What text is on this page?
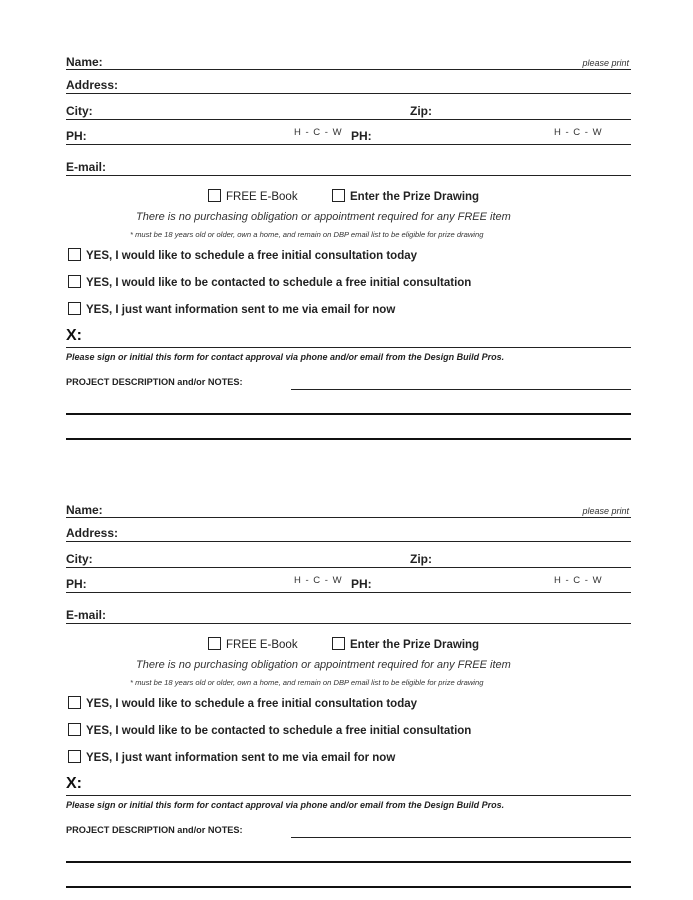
Name:	please print
Address:
City:	Zip:
PH:	H - C - W PH:	H - C - W
E-mail:
FREE E-Book	Enter the Prize Drawing
There is no purchasing obligation or appointment required for any FREE item
* must be 18 years old or older, own a home, and remain on DBP email list to be eligible for prize drawing
YES, I would like to schedule a free initial consultation today
YES, I would like to be contacted to schedule a free initial consultation
YES, I just want information sent to me via email for now
X:
Please sign or initial this form for contact approval via phone and/or email from the Design Build Pros.
PROJECT DESCRIPTION and/or NOTES:
Name:	please print
Address:
City:	Zip:
PH:	H - C - W PH:	H - C - W
E-mail:
FREE E-Book	Enter the Prize Drawing
There is no purchasing obligation or appointment required for any FREE item
* must be 18 years old or older, own a home, and remain on DBP email list to be eligible for prize drawing
YES, I would like to schedule a free initial consultation today
YES, I would like to be contacted to schedule a free initial consultation
YES, I just want information sent to me via email for now
X:
Please sign or initial this form for contact approval via phone and/or email from the Design Build Pros.
PROJECT DESCRIPTION and/or NOTES:
